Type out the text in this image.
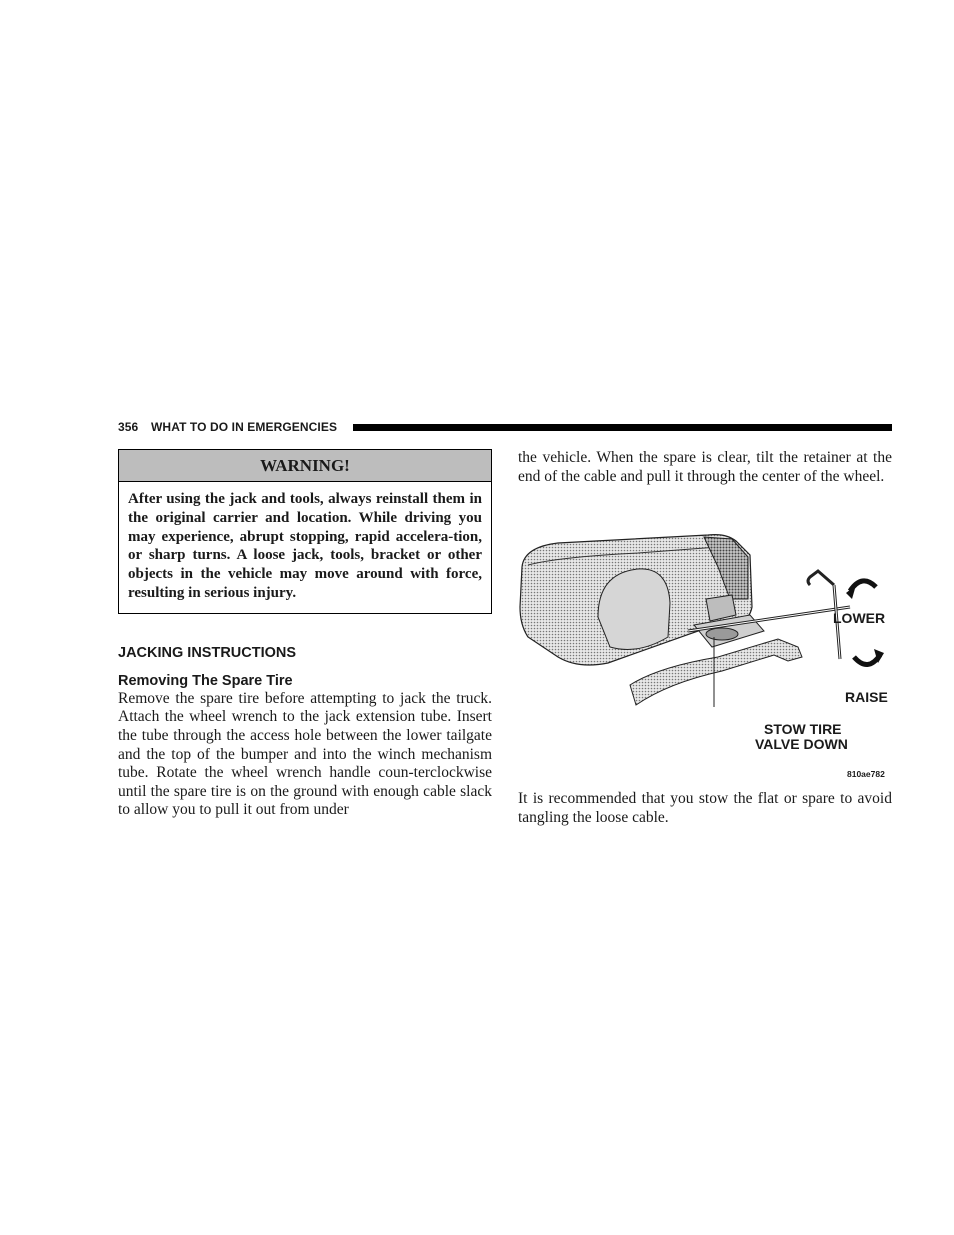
356 WHAT TO DO IN EMERGENCIES
WARNING!
After using the jack and tools, always reinstall them in the original carrier and location. While driving you may experience, abrupt stopping, rapid accelera-tion, or sharp turns. A loose jack, tools, bracket or other objects in the vehicle may move around with force, resulting in serious injury.
JACKING INSTRUCTIONS
Removing The Spare Tire

Remove the spare tire before attempting to jack the truck. Attach the wheel wrench to the jack extension tube. Insert the tube through the access hole between the lower tailgate and the top of the bumper and into the winch mechanism tube. Rotate the wheel wrench handle coun-terclockwise until the spare tire is on the ground with enough cable slack to allow you to pull it out from under

the vehicle. When the spare is clear, tilt the retainer at the end of the cable and pull it through the center of the wheel.

LOWER
RAISE
STOW TIRE
VALVE DOWN
810ae782

It is recommended that you stow the flat or spare to avoid tangling the loose cable.
